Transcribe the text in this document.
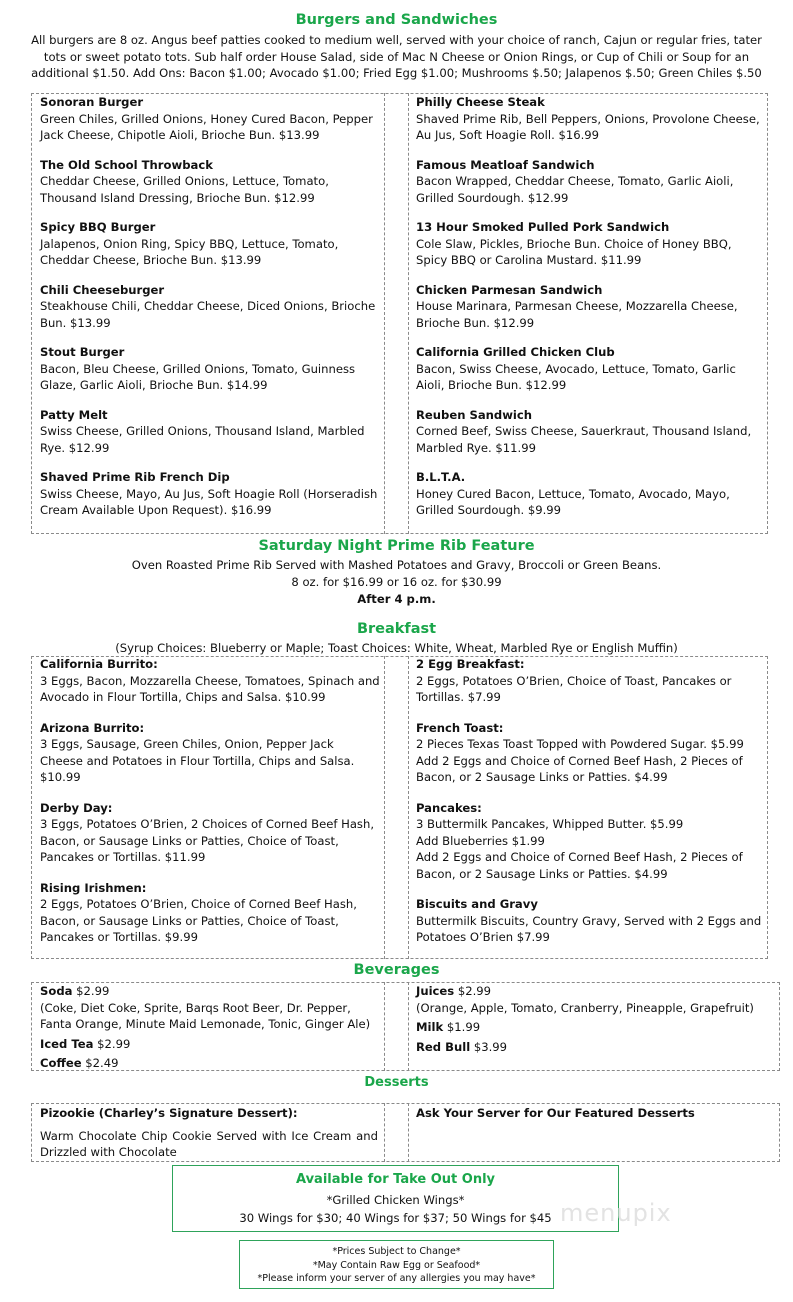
Burgers and Sandwiches
All burgers are 8 oz. Angus beef patties cooked to medium well, served with your choice of ranch, Cajun or regular fries, tater
tots or sweet potato tots. Sub half order House Salad, side of Mac N Cheese or Onion Rings, or Cup of Chili or Soup for an
additional $1.50. Add Ons: Bacon $1.00; Avocado $1.00; Fried Egg $1.00; Mushrooms $.50; Jalapenos $.50; Green Chiles $.50
Sonoran Burger
Green Chiles, Grilled Onions, Honey Cured Bacon, Pepper Jack Cheese, Chipotle Aioli, Brioche Bun. $13.99
The Old School Throwback
Cheddar Cheese, Grilled Onions, Lettuce, Tomato, Thousand Island Dressing, Brioche Bun. $12.99
Spicy BBQ Burger
Jalapenos, Onion Ring, Spicy BBQ, Lettuce, Tomato, Cheddar Cheese, Brioche Bun. $13.99
Chili Cheeseburger
Steakhouse Chili, Cheddar Cheese, Diced Onions, Brioche Bun. $13.99
Stout Burger
Bacon, Bleu Cheese, Grilled Onions, Tomato, Guinness Glaze, Garlic Aioli, Brioche Bun. $14.99
Patty Melt
Swiss Cheese, Grilled Onions, Thousand Island, Marbled Rye. $12.99
Shaved Prime Rib French Dip
Swiss Cheese, Mayo, Au Jus, Soft Hoagie Roll (Horseradish Cream Available Upon Request). $16.99
Philly Cheese Steak
Shaved Prime Rib, Bell Peppers, Onions, Provolone Cheese, Au Jus, Soft Hoagie Roll. $16.99
Famous Meatloaf Sandwich
Bacon Wrapped, Cheddar Cheese, Tomato, Garlic Aioli, Grilled Sourdough. $12.99
13 Hour Smoked Pulled Pork Sandwich
Cole Slaw, Pickles, Brioche Bun. Choice of Honey BBQ, Spicy BBQ or Carolina Mustard. $11.99
Chicken Parmesan Sandwich
House Marinara, Parmesan Cheese, Mozzarella Cheese, Brioche Bun. $12.99
California Grilled Chicken Club
Bacon, Swiss Cheese, Avocado, Lettuce, Tomato, Garlic Aioli, Brioche Bun. $12.99
Reuben Sandwich
Corned Beef, Swiss Cheese, Sauerkraut, Thousand Island, Marbled Rye. $11.99
B.L.T.A.
Honey Cured Bacon, Lettuce, Tomato, Avocado, Mayo, Grilled Sourdough. $9.99
Saturday Night Prime Rib Feature
Oven Roasted Prime Rib Served with Mashed Potatoes and Gravy, Broccoli or Green Beans.
8 oz. for $16.99 or 16 oz. for $30.99
After 4 p.m.
Breakfast
(Syrup Choices: Blueberry or Maple; Toast Choices: White, Wheat, Marbled Rye or English Muffin)
California Burrito:
3 Eggs, Bacon, Mozzarella Cheese, Tomatoes, Spinach and Avocado in Flour Tortilla, Chips and Salsa. $10.99
Arizona Burrito:
3 Eggs, Sausage, Green Chiles, Onion, Pepper Jack Cheese and Potatoes in Flour Tortilla, Chips and Salsa. $10.99
Derby Day:
3 Eggs, Potatoes O’Brien, 2 Choices of Corned Beef Hash, Bacon, or Sausage Links or Patties, Choice of Toast, Pancakes or Tortillas. $11.99
Rising Irishmen:
2 Eggs, Potatoes O’Brien, Choice of Corned Beef Hash, Bacon, or Sausage Links or Patties, Choice of Toast, Pancakes or Tortillas. $9.99
2 Egg Breakfast:
2 Eggs, Potatoes O’Brien, Choice of Toast, Pancakes or Tortillas. $7.99
French Toast:
2 Pieces Texas Toast Topped with Powdered Sugar. $5.99
Add 2 Eggs and Choice of Corned Beef Hash, 2 Pieces of Bacon, or 2 Sausage Links or Patties. $4.99
Pancakes:
3 Buttermilk Pancakes, Whipped Butter. $5.99
Add Blueberries $1.99
Add 2 Eggs and Choice of Corned Beef Hash, 2 Pieces of Bacon, or 2 Sausage Links or Patties. $4.99
Biscuits and Gravy
Buttermilk Biscuits, Country Gravy, Served with 2 Eggs and Potatoes O’Brien $7.99
Beverages
Soda $2.99
(Coke, Diet Coke, Sprite, Barqs Root Beer, Dr. Pepper, Fanta Orange, Minute Maid Lemonade, Tonic, Ginger Ale)
Iced Tea $2.99
Coffee $2.49
Juices $2.99
(Orange, Apple, Tomato, Cranberry, Pineapple, Grapefruit)
Milk $1.99
Red Bull $3.99
Desserts
Pizookie (Charley’s Signature Dessert):
Warm Chocolate Chip Cookie Served with Ice Cream and Drizzled with Chocolate
Ask Your Server for Our Featured Desserts
Available for Take Out Only
*Grilled Chicken Wings*
30 Wings for $30; 40 Wings for $37; 50 Wings for $45 menupix
*Prices Subject to Change*
*May Contain Raw Egg or Seafood*
*Please inform your server of any allergies you may have*
